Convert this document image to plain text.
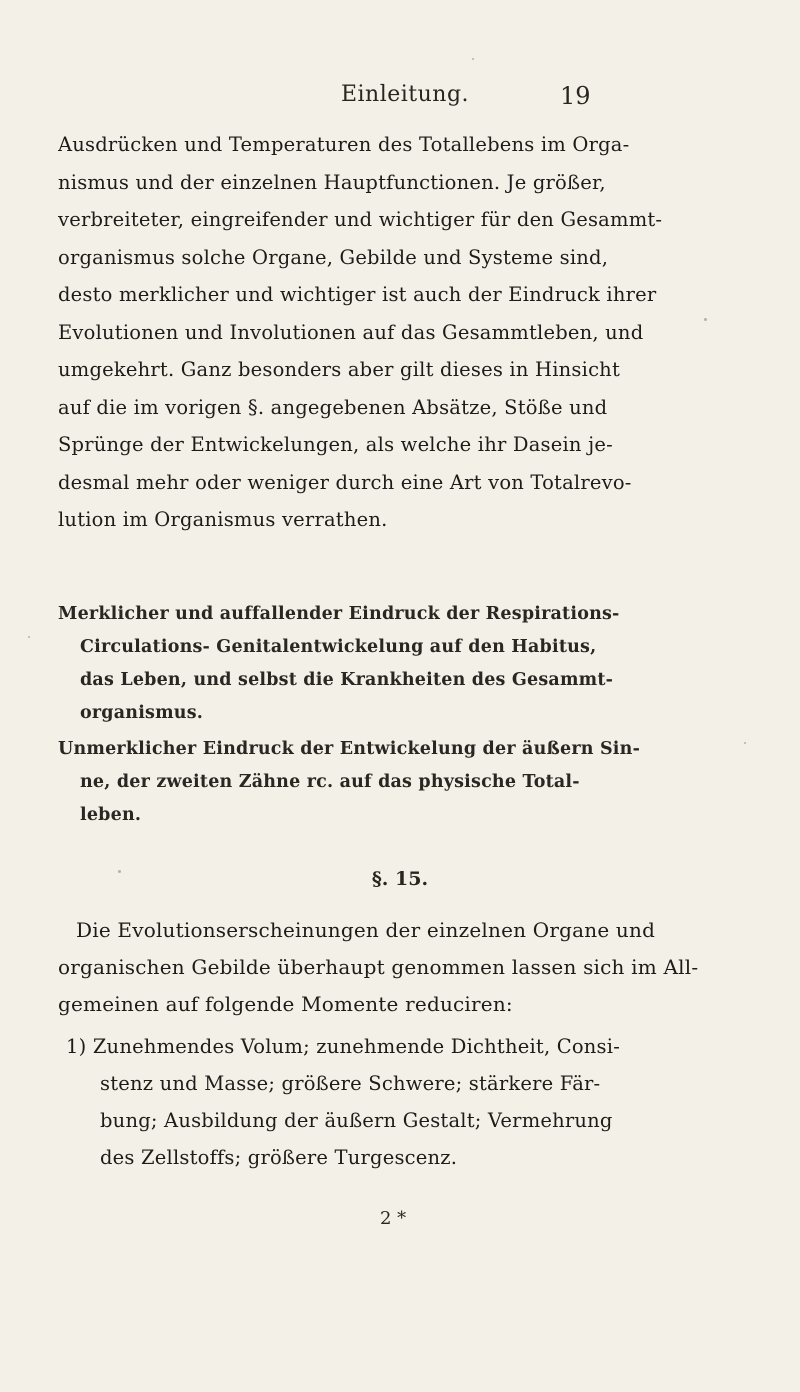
Einleitung.	19
Ausdrücken und Temperaturen des Totallebens im Orga-
nismus und der einzelnen Hauptfunctionen. Je größer,
verbreiteter, eingreifender und wichtiger für den Gesammt-
organismus solche Organe, Gebilde und Systeme sind,
desto merklicher und wichtiger ist auch der Eindruck ihrer
Evolutionen und Involutionen auf das Gesammtleben, und
umgekehrt. Ganz besonders aber gilt dieses in Hinsicht
auf die im vorigen §. angegebenen Absätze, Stöße und
Sprünge der Entwickelungen, als welche ihr Dasein je-
desmal mehr oder weniger durch eine Art von Totalrevo-
lution im Organismus verrathen.
Merklicher und auffallender Eindruck der Respirations-
Circulations- Genitalentwickelung auf den Habitus,
das Leben, und selbst die Krankheiten des Gesammt-
organismus.
Unmerklicher Eindruck der Entwickelung der äußern Sin-
ne, der zweiten Zähne rc. auf das physische Total-
leben.
§. 15.
Die Evolutionserscheinungen der einzelnen Organe und
organischen Gebilde überhaupt genommen lassen sich im All-
gemeinen auf folgende Momente reduciren:
1) Zunehmendes Volum; zunehmende Dichtheit, Consi-
stenz und Masse; größere Schwere; stärkere Fär-
bung; Ausbildung der äußern Gestalt; Vermehrung
des Zellstoffs; größere Turgescenz.
2 *
